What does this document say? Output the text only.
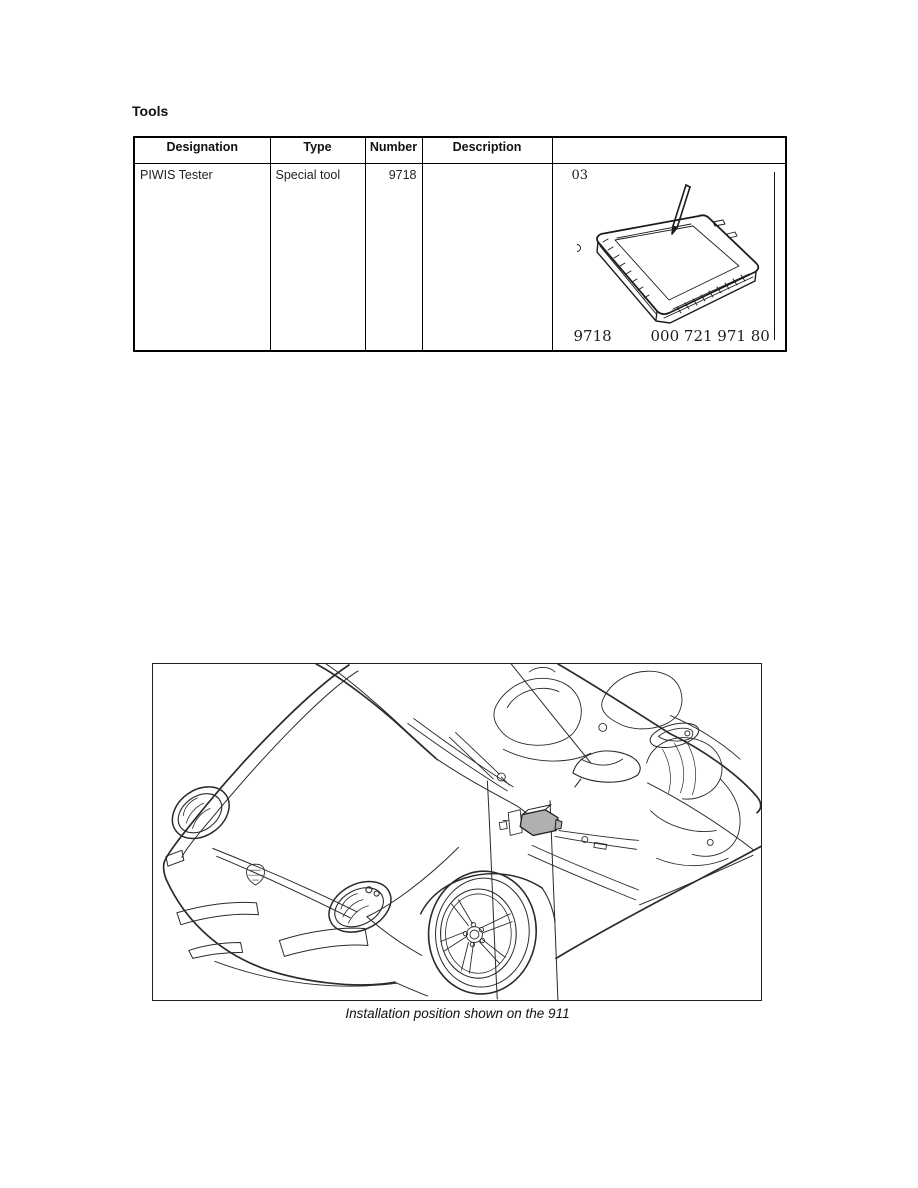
Tools
Designation	Type	Number	Description	
PIWIS Tester	Special tool	9718		03
9718 000 721 971 80
Installation position shown on the 911
